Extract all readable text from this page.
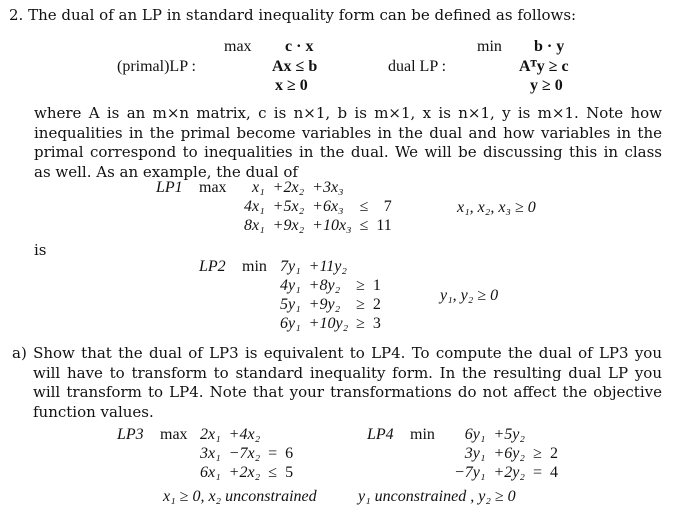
2. The dual of an LP in standard inequality form can be defined as follows:
(primal)LP :
max c · x
Ax ≤ b
x ≥ 0
dual LP :
min b · y
Aᵀy ≥ c
y ≥ 0
where A is an m×n matrix, c is n×1, b is m×1, x is n×1, y is m×1. Note how inequalities in the primal become variables in the dual and how variables in the primal correspond to inequalities in the dual. We will be discussing this in class as well. As an example, the dual of
LP1 max x₁	+2x₂	+3x₃		
4x₁	+5x₂	+6x₃	≤	7
8x₁	+9x₂	+10x₃	≤	11
x₁, x₂, x₃ ≥ 0
is
LP2 min 7y₁	+11y₂		
4y₁	+8y₂	≥	1
5y₁	+9y₂	≥	2
6y₁	+10y₂	≥	3
y₁, y₂ ≥ 0
a) Show that the dual of LP3 is equivalent to LP4. To compute the dual of LP3 you will have to transform to standard inequality form. In the resulting dual LP you will transform to LP4. Note that your transformations do not affect the objective function values.
LP3 max 2x₁	+4x₂		
3x₁	−7x₂	=	6
6x₁	+2x₂	≤	5
x₁ ≥ 0, x₂ unconstrained
LP4 min 6y₁	+5y₂		
3y₁	+6y₂	≥	2
−7y₁	+2y₂	=	4
y₁ unconstrained , y₂ ≥ 0
